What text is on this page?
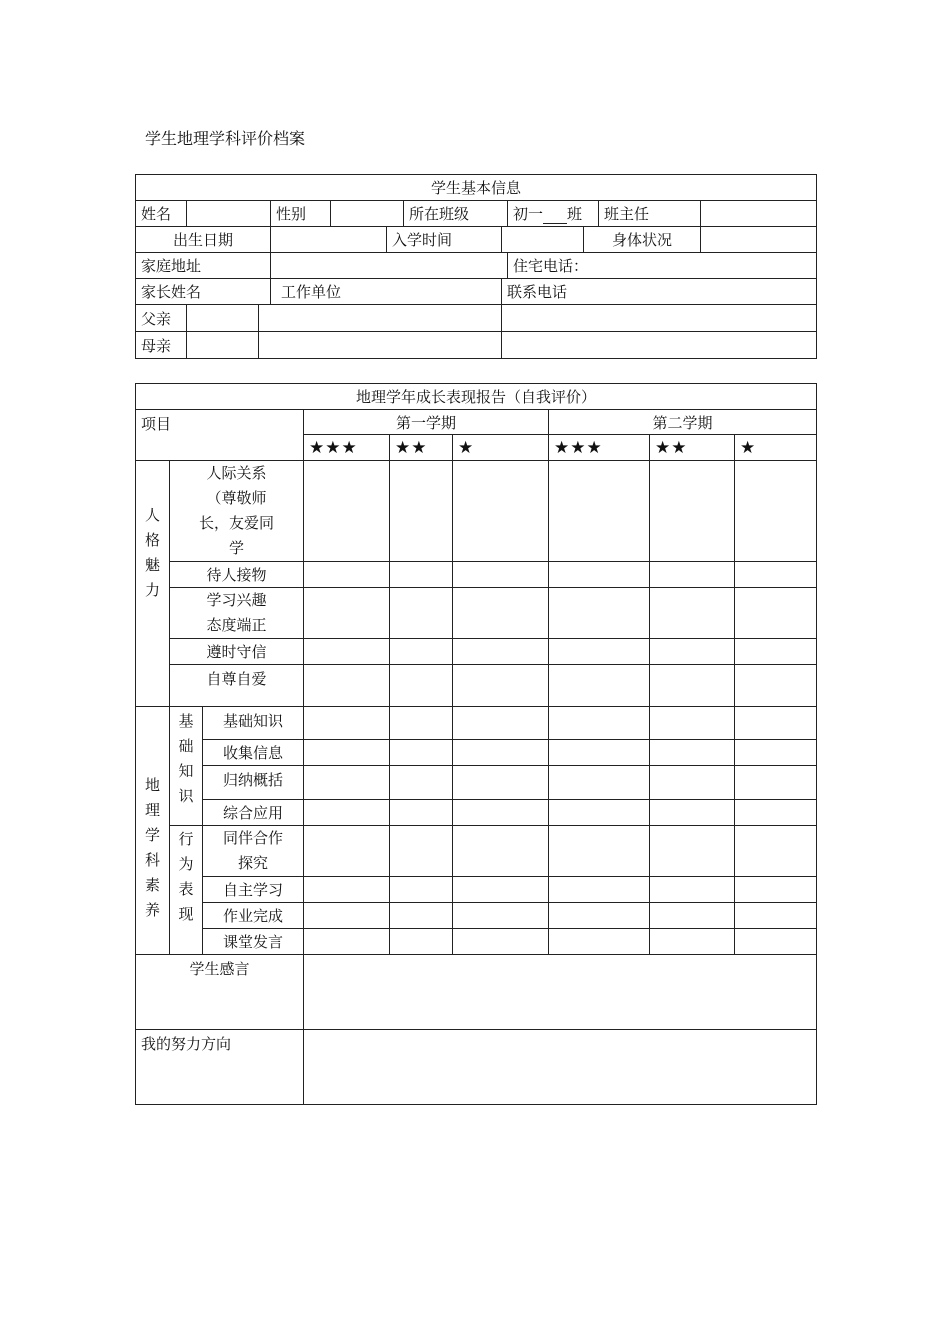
学生地理学科评价档案
学生基本信息											
姓名			性别			所在班级		初一 班		班主任	
出生日期					入学时间				身体状况		
家庭地址								住宅电话：			
家长姓名			工作单位				联系电话				
父亲											
母亲											
地理学年成长表现报告（自我评价）								
项目			第一学期			第二学期		
			★★★	★★	★	★★★	★★	★

人格魅力	人际关系（尊敬师长，友爱同学							
	待人接物							
	学习兴趣态度端正							
	遵时守信							
	自尊自爱							

地理学科素养	基础知识	基础知识						
		收集信息						
		归纳概括						
		综合应用						

	行为表现	同伴合作探究						
		自主学习						
		作业完成						
		课堂发言						
学生感言								
我的努力方向								
